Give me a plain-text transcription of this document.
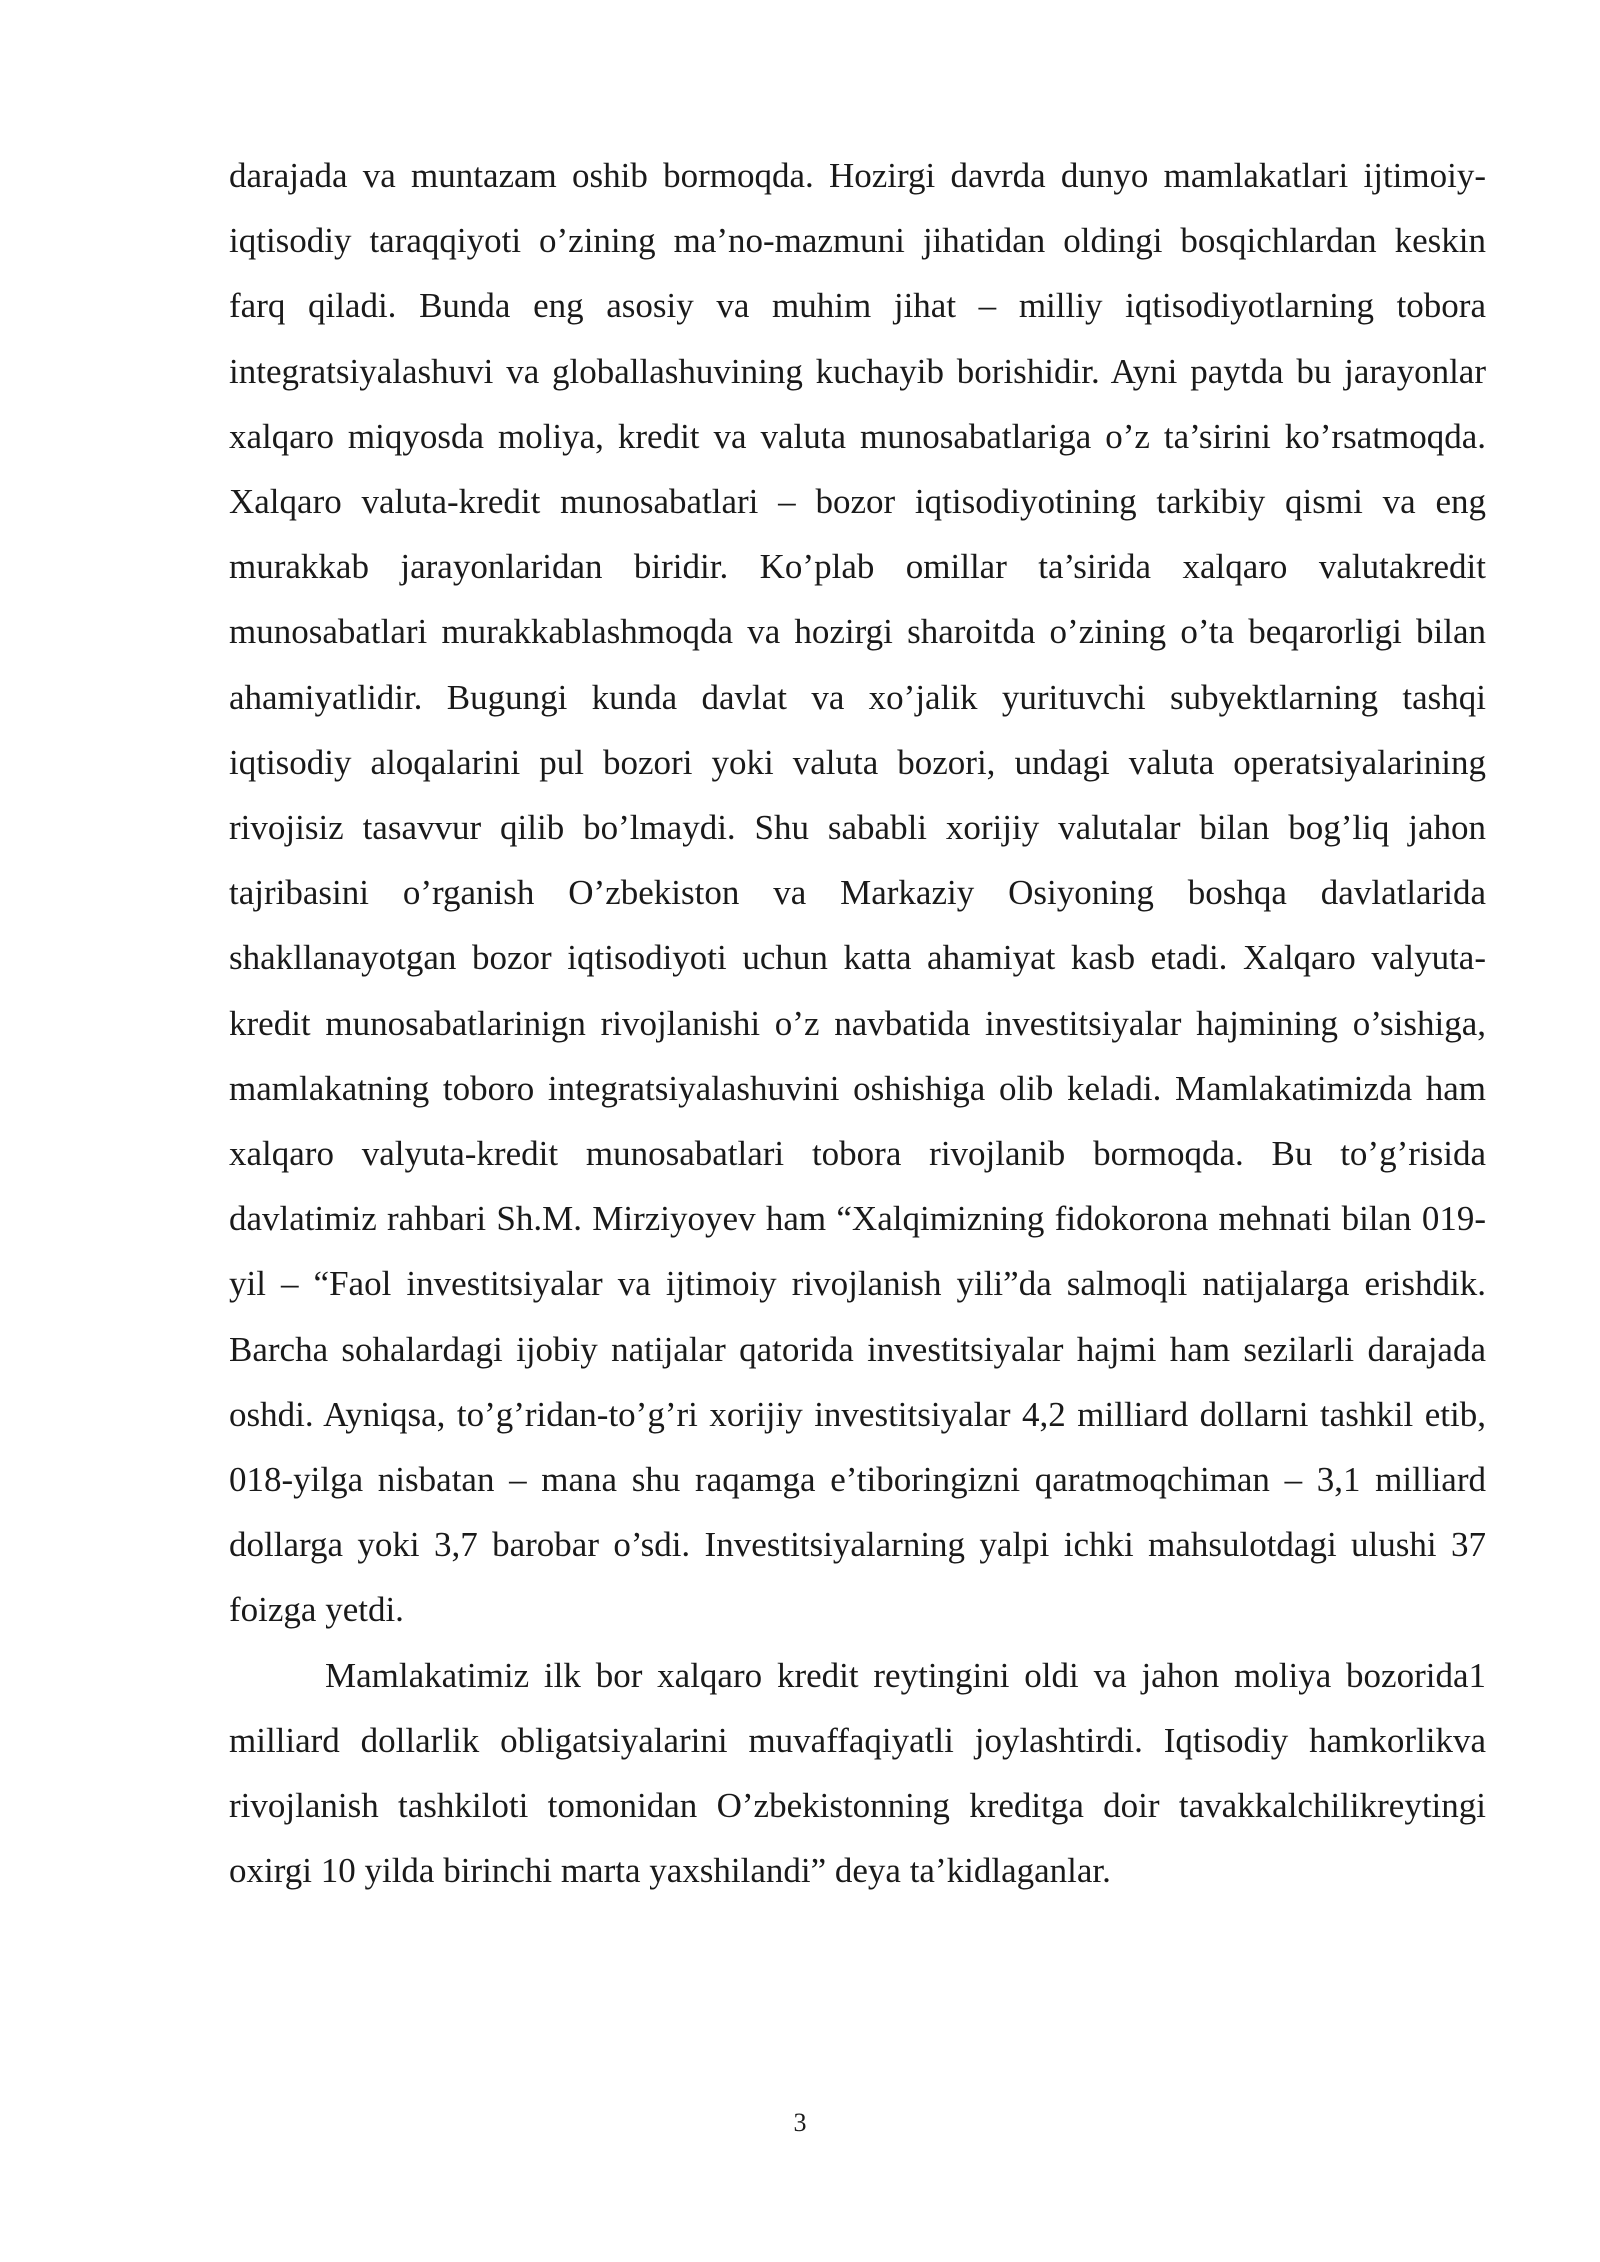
darajada va muntazam oshib bormoqda. Hozirgi davrda dunyo mamlakatlari ijtimoiy-iqtisodiy taraqqiyoti o’zining ma’no-mazmuni jihatidan oldingi bosqichlardan keskin farq qiladi. Bunda eng asosiy va muhim jihat – milliy iqtisodiyotlarning tobora integratsiyalashuvi va globallashuvining kuchayib borishidir. Ayni paytda bu jarayonlar xalqaro miqyosda moliya, kredit va valuta munosabatlariga o’z ta’sirini ko’rsatmoqda. Xalqaro valuta-kredit munosabatlari – bozor iqtisodiyotining tarkibiy qismi va eng murakkab jarayonlaridan biridir. Ko’plab omillar ta’sirida xalqaro valutakredit munosabatlari murakkablashmoqda va hozirgi sharoitda o’zining o’ta beqarorligi bilan ahamiyatlidir. Bugungi kunda davlat va xo’jalik yurituvchi subyektlarning tashqi iqtisodiy aloqalarini pul bozori yoki valuta bozori, undagi valuta operatsiyalarining rivojisiz tasavvur qilib bo’lmaydi. Shu sababli xorijiy valutalar bilan bog’liq jahon tajribasini o’rganish O’zbekiston va Markaziy Osiyoning boshqa davlatlarida shakllanayotgan bozor iqtisodiyoti uchun katta ahamiyat kasb etadi. Xalqaro valyuta-kredit munosabatlarinign rivojlanishi o’z navbatida investitsiyalar hajmining o’sishiga, mamlakatning toboro integratsiyalashuvini oshishiga olib keladi. Mamlakatimizda ham xalqaro valyuta-kredit munosabatlari tobora rivojlanib bormoqda. Bu to’g’risida davlatimiz rahbari Sh.M. Mirziyoyev ham “Xalqimizning fidokorona mehnati bilan 019-yil – “Faol investitsiyalar va ijtimoiy rivojlanish yili”da salmoqli natijalarga erishdik. Barcha sohalardagi ijobiy natijalar qatorida investitsiyalar hajmi ham sezilarli darajada oshdi. Ayniqsa, to’g’ridan-to’g’ri xorijiy investitsiyalar 4,2 milliard dollarni tashkil etib, 018-yilga nisbatan – mana shu raqamga e’tiboringizni qaratmoqchiman – 3,1 milliard dollarga yoki 3,7 barobar o’sdi. Investitsiyalarning yalpi ichki mahsulotdagi ulushi 37 foizga yetdi.

Mamlakatimiz ilk bor xalqaro kredit reytingini oldi va jahon moliya bozorida1 milliard dollarlik obligatsiyalarini muvaffaqiyatli joylashtirdi. Iqtisodiy hamkorlikva rivojlanish tashkiloti tomonidan O’zbekistonning kreditga doir tavakkalchilikreytingi oxirgi 10 yilda birinchi marta yaxshilandi” deya ta’kidlaganlar.

3
